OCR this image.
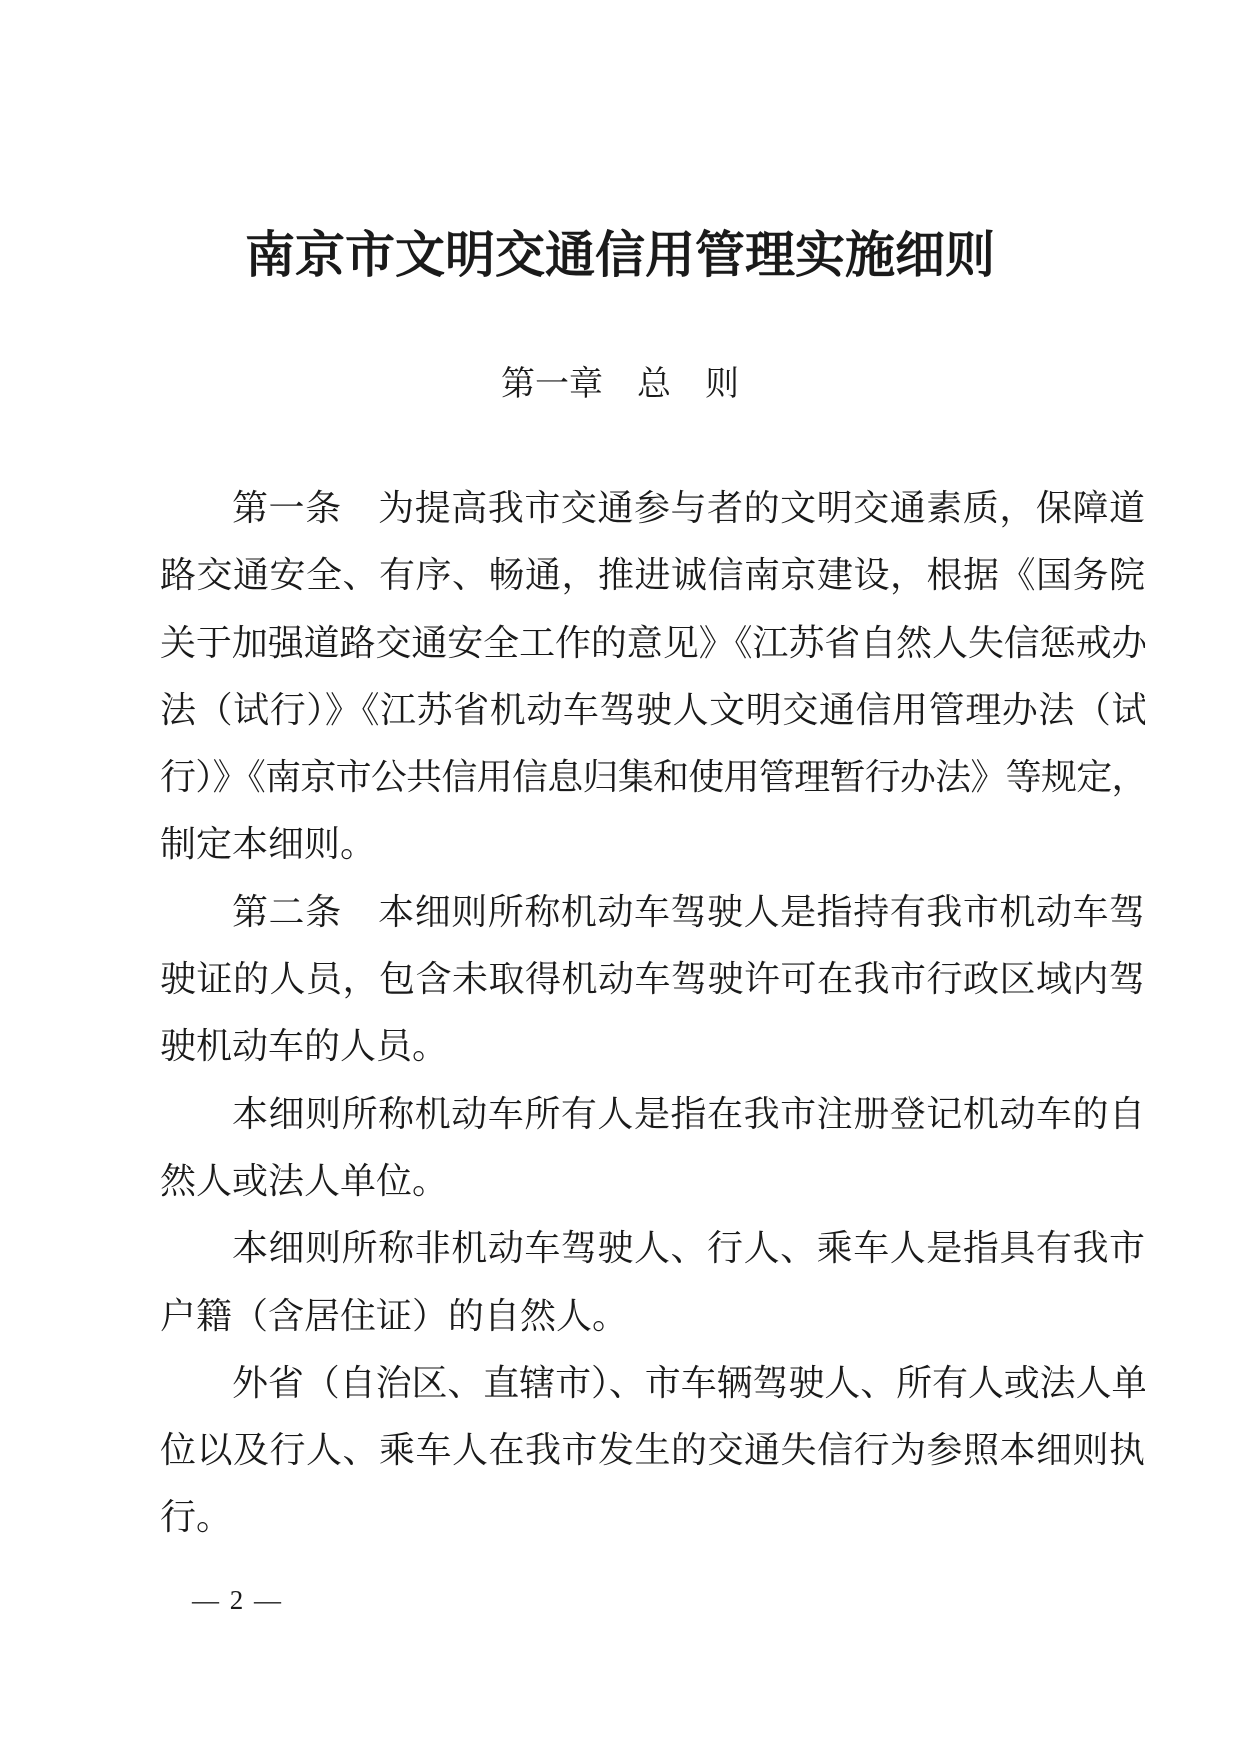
南京市文明交通信用管理实施细则
第一章　总　则
第一条　为提高我市交通参与者的文明交通素质，保障道
路交通安全、有序、畅通，推进诚信南京建设，根据《国务院
关于加强道路交通安全工作的意见》《江苏省自然人失信惩戒办
法（试行）》《江苏省机动车驾驶人文明交通信用管理办法（试
行）》《南京市公共信用信息归集和使用管理暂行办法》等规定，
制定本细则。
第二条　本细则所称机动车驾驶人是指持有我市机动车驾
驶证的人员，包含未取得机动车驾驶许可在我市行政区域内驾
驶机动车的人员。
本细则所称机动车所有人是指在我市注册登记机动车的自
然人或法人单位。
本细则所称非机动车驾驶人、行人、乘车人是指具有我市
户籍（含居住证）的自然人。
外省（自治区、直辖市）、市车辆驾驶人、所有人或法人单
位以及行人、乘车人在我市发生的交通失信行为参照本细则执
行。
— 2 —
